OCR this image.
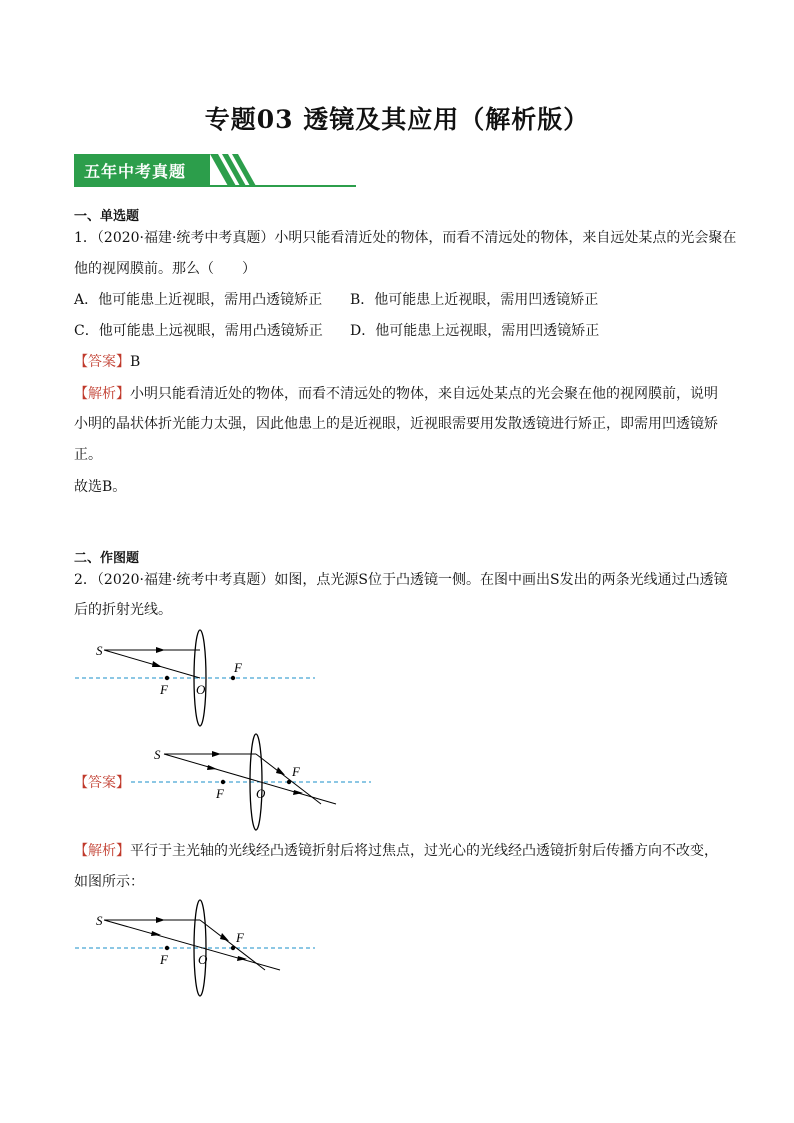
专题03 透镜及其应用（解析版）
五年中考真题
一、单选题
1．（2020·福建·统考中考真题）小明只能看清近处的物体，而看不清远处的物体，来自远处某点的光会聚在
他的视网膜前。那么（　　）
A．他可能患上近视眼，需用凸透镜矫正 B．他可能患上近视眼，需用凹透镜矫正
C．他可能患上远视眼，需用凸透镜矫正 D．他可能患上远视眼，需用凹透镜矫正
【答案】B
【解析】小明只能看清近处的物体，而看不清远处的物体，来自远处某点的光会聚在他的视网膜前，说明
小明的晶状体折光能力太强，因此他患上的是近视眼，近视眼需要用发散透镜进行矫正，即需用凹透镜矫
正。
故选B。
二、作图题
2．（2020·福建·统考中考真题）如图，点光源S位于凸透镜一侧。在图中画出S发出的两条光线通过凸透镜
后的折射光线。
S
F O
F
【答案】
S
F O
F
【解析】平行于主光轴的光线经凸透镜折射后将过焦点，过光心的光线经凸透镜折射后传播方向不改变，
如图所示：
S
F O
F
